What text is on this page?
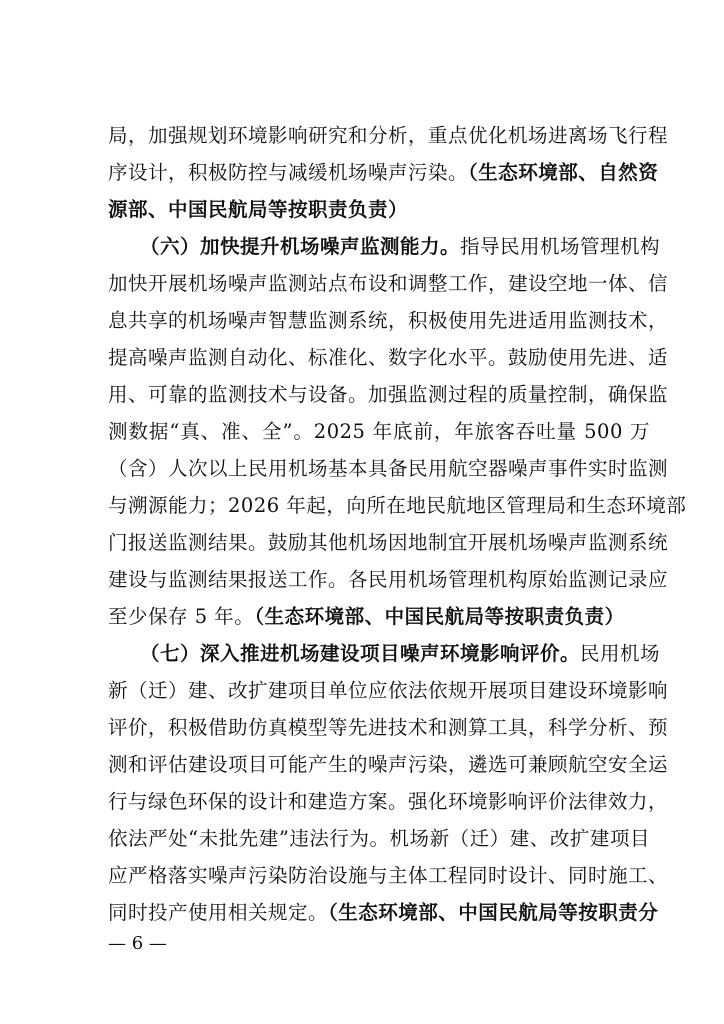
局，加强规划环境影响研究和分析，重点优化机场进离场飞行程
序设计，积极防控与减缓机场噪声污染。（生态环境部、自然资
源部、中国民航局等按职责负责）
（六）加快提升机场噪声监测能力。指导民用机场管理机构
加快开展机场噪声监测站点布设和调整工作，建设空地一体、信
息共享的机场噪声智慧监测系统，积极使用先进适用监测技术，
提高噪声监测自动化、标准化、数字化水平。鼓励使用先进、适
用、可靠的监测技术与设备。加强监测过程的质量控制，确保监
测数据“真、准、全”。2025 年底前，年旅客吞吐量 500 万
（含）人次以上民用机场基本具备民用航空器噪声事件实时监测
与溯源能力；2026 年起，向所在地民航地区管理局和生态环境部
门报送监测结果。鼓励其他机场因地制宜开展机场噪声监测系统
建设与监测结果报送工作。各民用机场管理机构原始监测记录应
至少保存 5 年。（生态环境部、中国民航局等按职责负责）
（七）深入推进机场建设项目噪声环境影响评价。民用机场
新（迁）建、改扩建项目单位应依法依规开展项目建设环境影响
评价，积极借助仿真模型等先进技术和测算工具，科学分析、预
测和评估建设项目可能产生的噪声污染，遴选可兼顾航空安全运
行与绿色环保的设计和建造方案。强化环境影响评价法律效力，
依法严处“未批先建”违法行为。机场新（迁）建、改扩建项目
应严格落实噪声污染防治设施与主体工程同时设计、同时施工、
同时投产使用相关规定。（生态环境部、中国民航局等按职责分
— 6 —
